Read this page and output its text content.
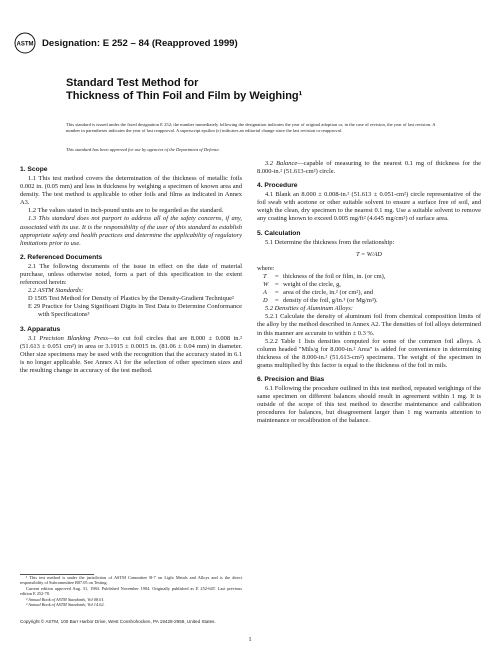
ASTM Designation: E 252 – 84 (Reapproved 1999)
Standard Test Method for
Thickness of Thin Foil and Film by Weighing¹
This standard is issued under the fixed designation E 252; the number immediately following the designation indicates the year of original adoption or, in the case of revision, the year of last revision. A number in parentheses indicates the year of last reapproval. A superscript epsilon (ε) indicates an editorial change since the last revision or reapproval.
This standard has been approved for use by agencies of the Department of Defense.
1. Scope

1.1 This test method covers the determination of the thickness of metallic foils 0.002 in. (0.05 mm) and less in thickness by weighing a specimen of known area and density. The test method is applicable to other foils and films as indicated in Annex A3.

1.2 The values stated in inch-pound units are to be regarded as the standard.

1.3 This standard does not purport to address all of the safety concerns, if any, associated with its use. It is the responsibility of the user of this standard to establish appropriate safety and health practices and determine the applicability of regulatory limitations prior to use.

2. Referenced Documents

2.1 The following documents of the issue in effect on the date of material purchase, unless otherwise noted, form a part of this specification to the extent referenced herein:

2.2 ASTM Standards:

D 1505 Test Method for Density of Plastics by the Density-Gradient Technique²

E 29 Practice for Using Significant Digits in Test Data to Determine Conformance with Specifications³

3. Apparatus

3.1 Precision Blanking Press—to cut foil circles that are 8.000 ± 0.008 in.² (51.613 ± 0.051 cm²) in area or 3.1915 ± 0.0015 in. (81.06 ± 0.04 mm) in diameter. Other size specimens may be used with the recognition that the accuracy stated in 6.1 is no longer applicable. See Annex A1 for the selection of other specimen sizes and the resulting change in accuracy of the test method.

¹ This test method is under the jurisdiction of ASTM Committee B-7 on Light Metals and Alloys and is the direct responsibility of Subcommittee B07.05 on Testing.

Current edition approved Aug. 31, 1984. Published November 1984. Originally published as E 252-64T. Last previous edition E 252-78.

² Annual Book of ASTM Standards, Vol 08.01.

³ Annual Book of ASTM Standards, Vol 14.02.

3.2 Balance—capable of measuring to the nearest 0.1 mg of thickness for the 8.000-in.² (51.613-cm²) circle.

4. Procedure

4.1 Blank an 8.000 ± 0.008-in.² (51.613 ± 0.051-cm²) circle representative of the foil swab with acetone or other suitable solvent to ensure a surface free of soil, and weigh the clean, dry specimen to the nearest 0.1 mg. Use a suitable solvent to remove any coating known to exceed 0.005 mg/ft² (4.645 mg/cm²) of surface area.

5. Calculation

5.1 Determine the thickness from the relationship:

T = W/AD

where:

T	= thickness of the foil or film, in. (or cm),
W	= weight of the circle, g,
A	= area of the circle, in.² (or cm²), and
D	= density of the foil, g/in.³ (or Mg/m³).

5.2 Densities of Aluminum Alloys:

5.2.1 Calculate the density of aluminum foil from chemical composition limits of the alloy by the method described in Annex A2. The densities of foil alloys determined in this manner are accurate to within ± 0.3 %.

5.2.2 Table 1 lists densities computed for some of the common foil alloys. A column headed "Mils/g for 8.000-in.² Area" is added for convenience in determining thickness of the 8.000-in.² (51.613-cm²) specimens. The weight of the specimen in grams multiplied by this factor is equal to the thickness of the foil in mils.

6. Precision and Bias

6.1 Following the procedure outlined in this test method, repeated weighings of the same specimen on different balances should result in agreement within 1 mg. It is outside of the scope of this test method to describe maintenance and calibration procedures for balances, but disagreement larger than 1 mg warrants attention to maintenance or recalibration of the balance.

Copyright © ASTM, 100 Barr Harbor Drive, West Conshohocken, PA 19428-2959, United States.
1
